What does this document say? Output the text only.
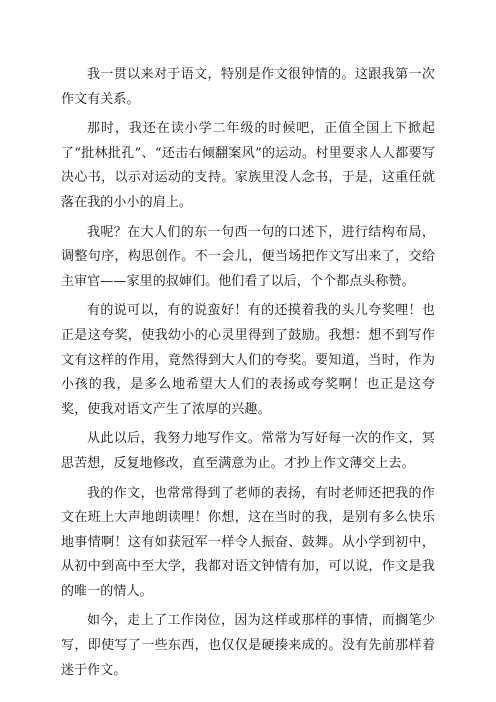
我一贯以来对于语文，特别是作文很钟情的。这跟我第一次作文有关系。

那时，我还在读小学二年级的时候吧，正值全国上下掀起了“批林批孔”、“还击右倾翻案风”的运动。村里要求人人都要写决心书，以示对运动的支持。家族里没人念书，于是，这重任就落在我的小小的肩上。

我呢？在大人们的东一句西一句的口述下，进行结构布局，调整句序，构思创作。不一会儿，便当场把作文写出来了，交给主审官——家里的叔婶们。他们看了以后，个个都点头称赞。

有的说可以，有的说蛮好！有的还摸着我的头儿夸奖哩！也正是这夸奖，使我幼小的心灵里得到了鼓励。我想：想不到写作文有这样的作用，竟然得到大人们的夸奖。要知道，当时，作为小孩的我，是多么地希望大人们的表扬或夸奖啊！也正是这夸奖，使我对语文产生了浓厚的兴趣。

从此以后，我努力地写作文。常常为写好每一次的作文，冥思苦想，反复地修改，直至满意为止。才抄上作文薄交上去。

我的作文，也常常得到了老师的表扬，有时老师还把我的作文在班上大声地朗读哩！你想，这在当时的我，是别有多么快乐地事情啊！这有如获冠军一样令人振奋、鼓舞。从小学到初中，从初中到高中至大学，我都对语文钟情有加，可以说，作文是我的唯一的情人。

如今，走上了工作岗位，因为这样或那样的事情，而搁笔少写，即使写了一些东西，也仅仅是硬揍来成的。没有先前那样着迷于作文。
